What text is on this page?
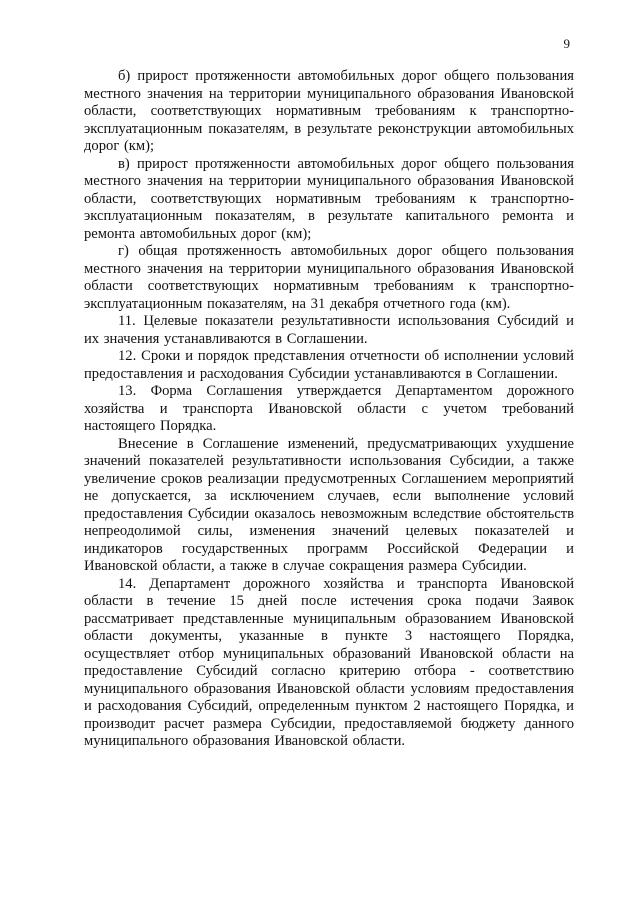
9

б) прирост протяженности автомобильных дорог общего пользования местного значения на территории муниципального образования Ивановской области, соответствующих нормативным требованиям к транспортно-эксплуатационным показателям, в результате реконструкции автомобильных дорог (км);

в) прирост протяженности автомобильных дорог общего пользования местного значения на территории муниципального образования Ивановской области, соответствующих нормативным требованиям к транспортно-эксплуатационным показателям, в результате капитального ремонта и ремонта автомобильных дорог (км);

г) общая протяженность автомобильных дорог общего пользования местного значения на территории муниципального образования Ивановской области соответствующих нормативным требованиям к транспортно-эксплуатационным показателям, на 31 декабря отчетного года (км).

11. Целевые показатели результативности использования Субсидий и их значения устанавливаются в Соглашении.

12. Сроки и порядок представления отчетности об исполнении условий предоставления и расходования Субсидии устанавливаются в Соглашении.

13. Форма Соглашения утверждается Департаментом дорожного хозяйства и транспорта Ивановской области с учетом требований настоящего Порядка.

Внесение в Соглашение изменений, предусматривающих ухудшение значений показателей результативности использования Субсидии, а также увеличение сроков реализации предусмотренных Соглашением мероприятий не допускается, за исключением случаев, если выполнение условий предоставления Субсидии оказалось невозможным вследствие обстоятельств непреодолимой силы, изменения значений целевых показателей и индикаторов государственных программ Российской Федерации и Ивановской области, а также в случае сокращения размера Субсидии.

14. Департамент дорожного хозяйства и транспорта Ивановской области в течение 15 дней после истечения срока подачи Заявок рассматривает представленные муниципальным образованием Ивановской области документы, указанные в пункте 3 настоящего Порядка, осуществляет отбор муниципальных образований Ивановской области на предоставление Субсидий согласно критерию отбора - соответствию муниципального образования Ивановской области условиям предоставления и расходования Субсидий, определенным пунктом 2 настоящего Порядка, и производит расчет размера Субсидии, предоставляемой бюджету данного муниципального образования Ивановской области.
